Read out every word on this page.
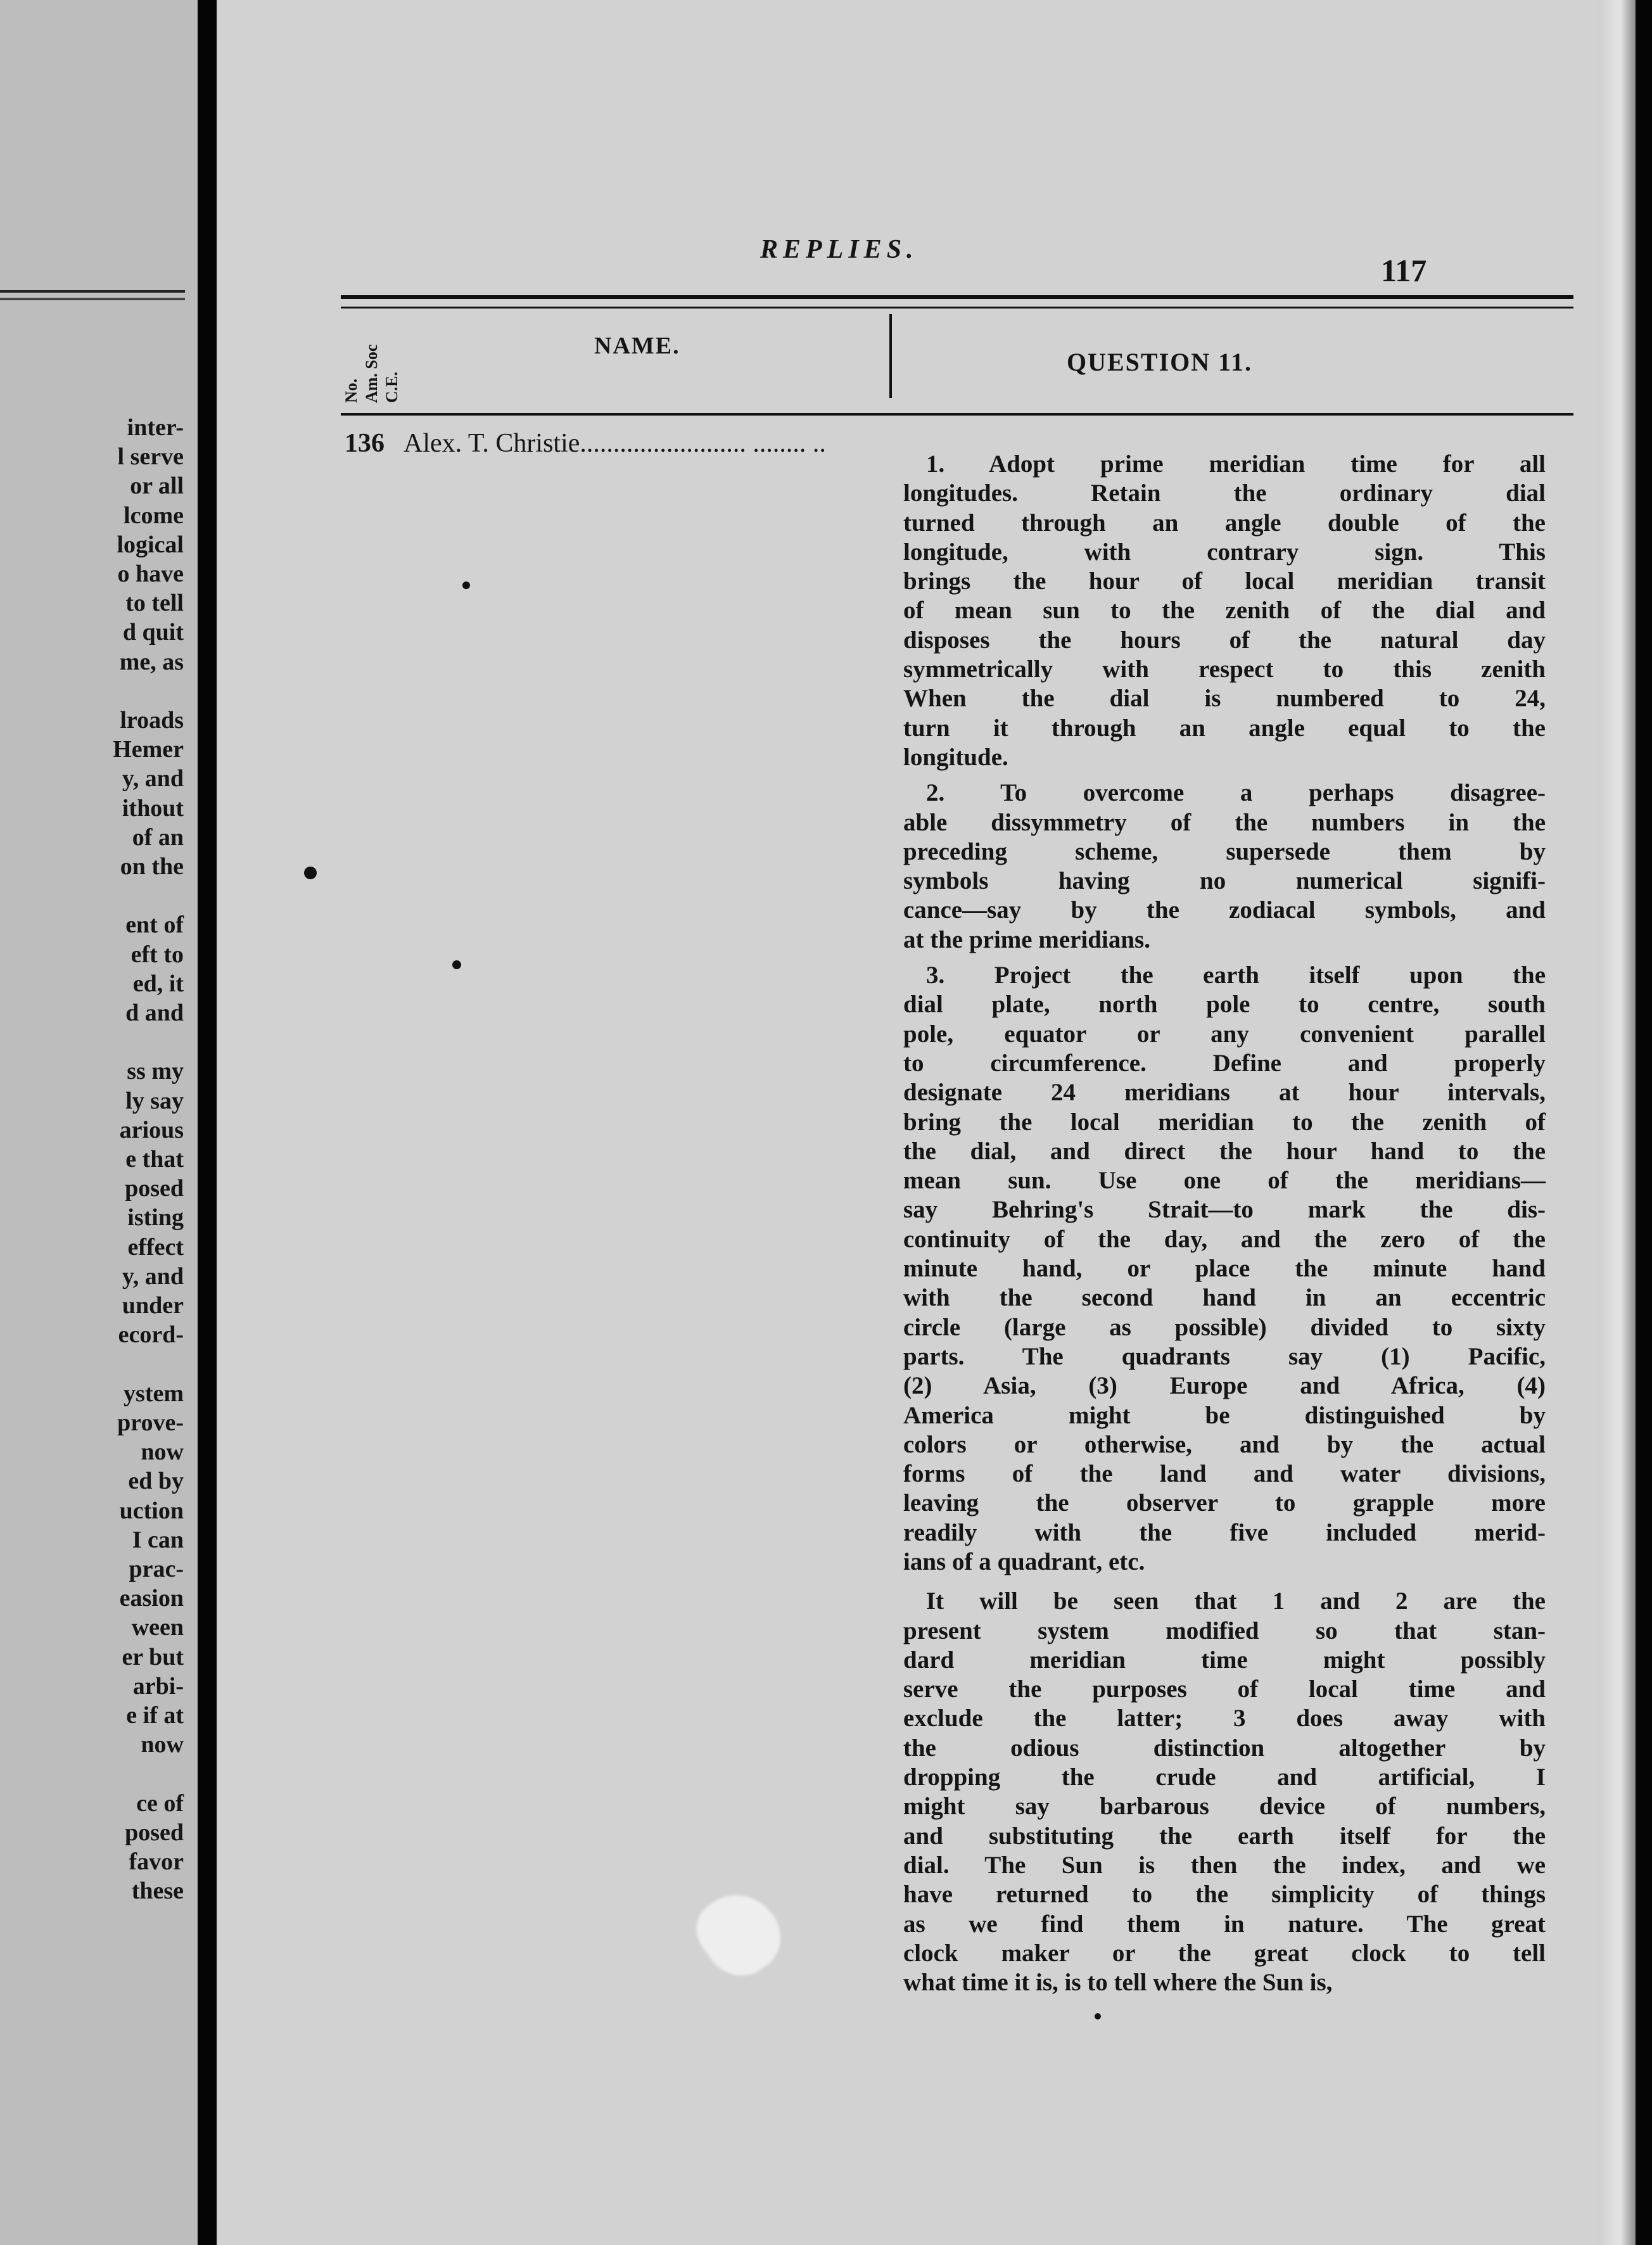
inter-
l serve
or all
lcome
logical
o have
to tell
d quit
me, as

lroads
Hemer
y, and
ithout
of an
on the

ent of
eft to
ed, it
d and

ss my
ly say
arious
e that
posed
isting
effect
y, and
under
ecord-

ystem
prove-
now
ed by
uction
I can
prac-
easion
ween
er but
arbi-
e if at
now

ce of
posed
favor
these
REPLIES.
117
No. Am. Soc C.E.
NAME.
QUESTION 11.
136 Alex. T. Christie......................... ........ ..

1. Adopt prime meridian time for all
longitudes. Retain the ordinary dial
turned through an angle double of the
longitude, with contrary sign. This
brings the hour of local meridian transit
of mean sun to the zenith of the dial and
disposes the hours of the natural day
symmetrically with respect to this zenith
When the dial is numbered to 24,
turn it through an angle equal to the
longitude.
2. To overcome a perhaps disagree-
able dissymmetry of the numbers in the
preceding scheme, supersede them by
symbols having no numerical signifi-
cance—say by the zodiacal symbols, and
at the prime meridians.
3. Project the earth itself upon the
dial plate, north pole to centre, south
pole, equator or any convenient parallel
to circumference. Define and properly
designate 24 meridians at hour intervals,
bring the local meridian to the zenith of
the dial, and direct the hour hand to the
mean sun. Use one of the meridians—
say Behring's Strait—to mark the dis-
continuity of the day, and the zero of the
minute hand, or place the minute hand
with the second hand in an eccentric
circle (large as possible) divided to sixty
parts. The quadrants say (1) Pacific,
(2) Asia, (3) Europe and Africa, (4)
America might be distinguished by
colors or otherwise, and by the actual
forms of the land and water divisions,
leaving the observer to grapple more
readily with the five included merid-
ians of a quadrant, etc.
It will be seen that 1 and 2 are the
present system modified so that stan-
dard meridian time might possibly
serve the purposes of local time and
exclude the latter; 3 does away with
the odious distinction altogether by
dropping the crude and artificial, I
might say barbarous device of numbers,
and substituting the earth itself for the
dial. The Sun is then the index, and we
have returned to the simplicity of things
as we find them in nature. The great
clock maker or the great clock to tell
what time it is, is to tell where the Sun is,
